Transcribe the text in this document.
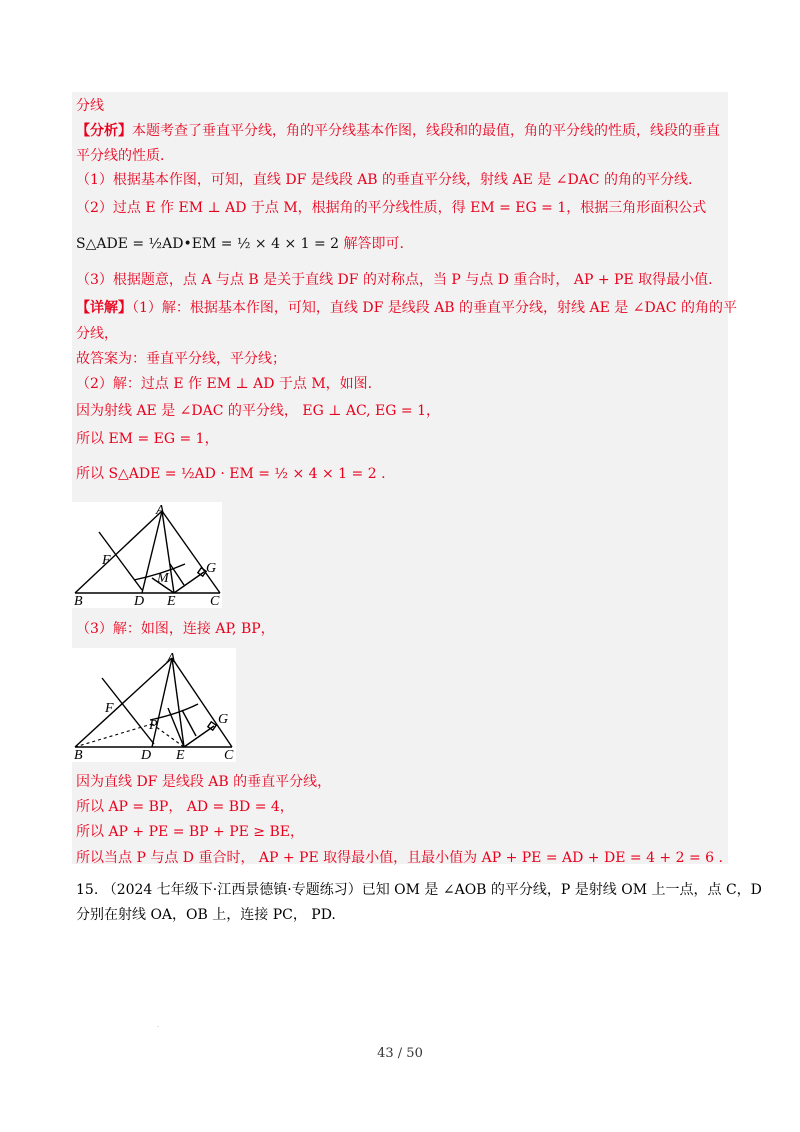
分线
【分析】本题考查了垂直平分线，角的平分线基本作图，线段和的最值，角的平分线的性质，线段的垂直
平分线的性质．
（1）根据基本作图，可知，直线 DF 是线段 AB 的垂直平分线，射线 AE 是 ∠DAC 的角的平分线.
（2）过点 E 作 EM ⊥ AD 于点 M，根据角的平分线性质，得 EM = EG = 1，根据三角形面积公式
S△ADE = ½AD•EM = ½ × 4 × 1 = 2 解答即可.
（3）根据题意，点 A 与点 B 是关于直线 DF 的对称点，当 P 与点 D 重合时， AP + PE 取得最小值.
【详解】（1）解：根据基本作图，可知，直线 DF 是线段 AB 的垂直平分线，射线 AE 是 ∠DAC 的角的平
分线，
故答案为：垂直平分线，平分线；
（2）解：过点 E 作 EM ⊥ AD 于点 M，如图.
因为射线 AE 是 ∠DAC 的平分线， EG ⊥ AC, EG = 1，
所以 EM = EG = 1，
所以 S△ADE = ½AD · EM = ½ × 4 × 1 = 2 .
A
B	C
D E
F
G
M
（3）解：如图，连接 AP, BP，
A
B	C
D E
F
G
P
因为直线 DF 是线段 AB 的垂直平分线，
所以 AP = BP， AD = BD = 4，
所以 AP + PE = BP + PE ≥ BE，
所以当点 P 与点 D 重合时， AP + PE 取得最小值，且最小值为 AP + PE = AD + DE = 4 + 2 = 6 .
15. （2024 七年级下·江西景德镇·专题练习）已知 OM 是 ∠AOB 的平分线，P 是射线 OM 上一点，点 C，D
分别在射线 OA，OB 上，连接 PC， PD.
.
43 / 50
